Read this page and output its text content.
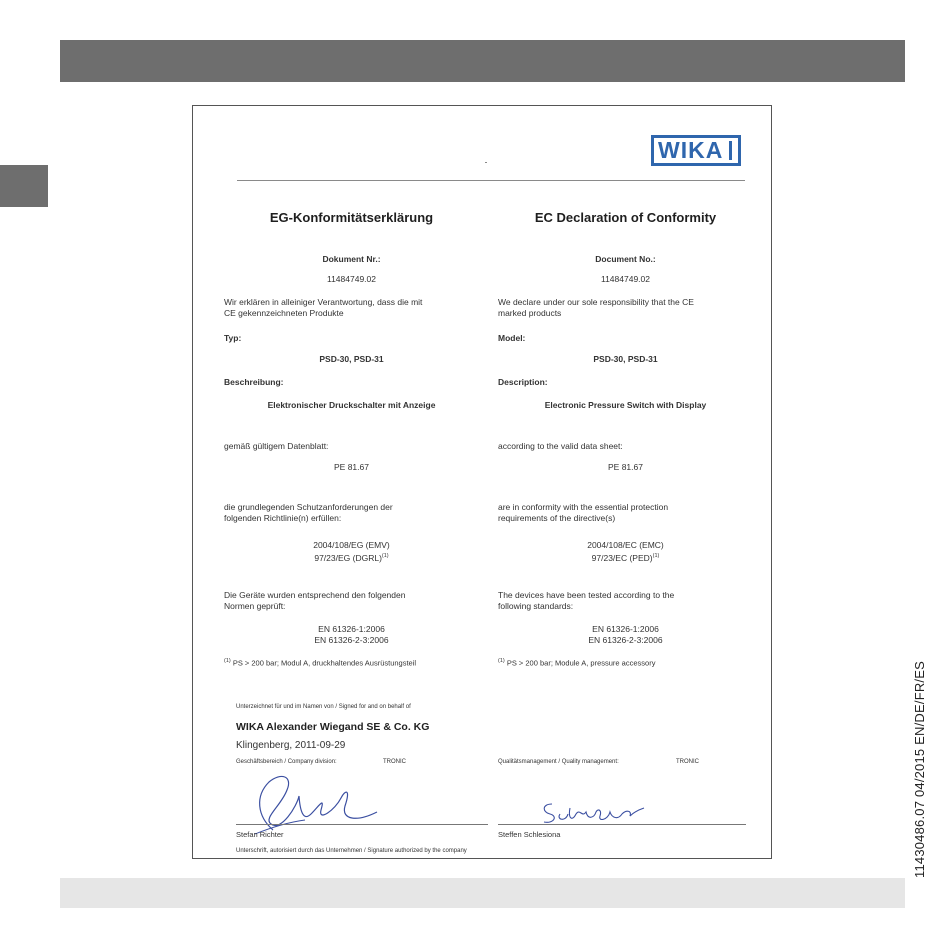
11430486.07 04/2015 EN/DE/FR/ES
WIKA
EG-Konformitätserklärung
Dokument Nr.:
11484749.02
Wir erklären in alleiniger Verantwortung, dass die mit
CE gekennzeichneten Produkte
Typ:
PSD-30, PSD-31
Beschreibung:
Elektronischer Druckschalter mit Anzeige
gemäß gültigem Datenblatt:
PE 81.67
die grundlegenden Schutzanforderungen der
folgenden Richtlinie(n) erfüllen:
2004/108/EG (EMV)
97/23/EG (DGRL)$^{(1)}$
Die Geräte wurden entsprechend den folgenden
Normen geprüft:
EN 61326-1:2006
EN 61326-2-3:2006
$^{(1)}$ PS > 200 bar; Modul A, druckhaltendes Ausrüstungsteil
EC Declaration of Conformity
Document No.:
11484749.02
We declare under our sole responsibility that the CE
marked products
Model:
PSD-30, PSD-31
Description:
Electronic Pressure Switch with Display
according to the valid data sheet:
PE 81.67
are in conformity with the essential protection
requirements of the directive(s)
2004/108/EC (EMC)
97/23/EC (PED)$^{(1)}$
The devices have been tested according to the
following standards:
EN 61326-1:2006
EN 61326-2-3:2006
$^{(1)}$ PS > 200 bar; Module A, pressure accessory
Unterzeichnet für und im Namen von / Signed for and on behalf of
WIKA Alexander Wiegand SE & Co. KG
Klingenberg, 2011-09-29
Geschäftsbereich / Company division:	TRONIC	Qualitätsmanagement / Quality management:	TRONIC
Stefan Richter	Steffen Schlesiona
Unterschrift, autorisiert durch das Unternehmen / Signature authorized by the company
